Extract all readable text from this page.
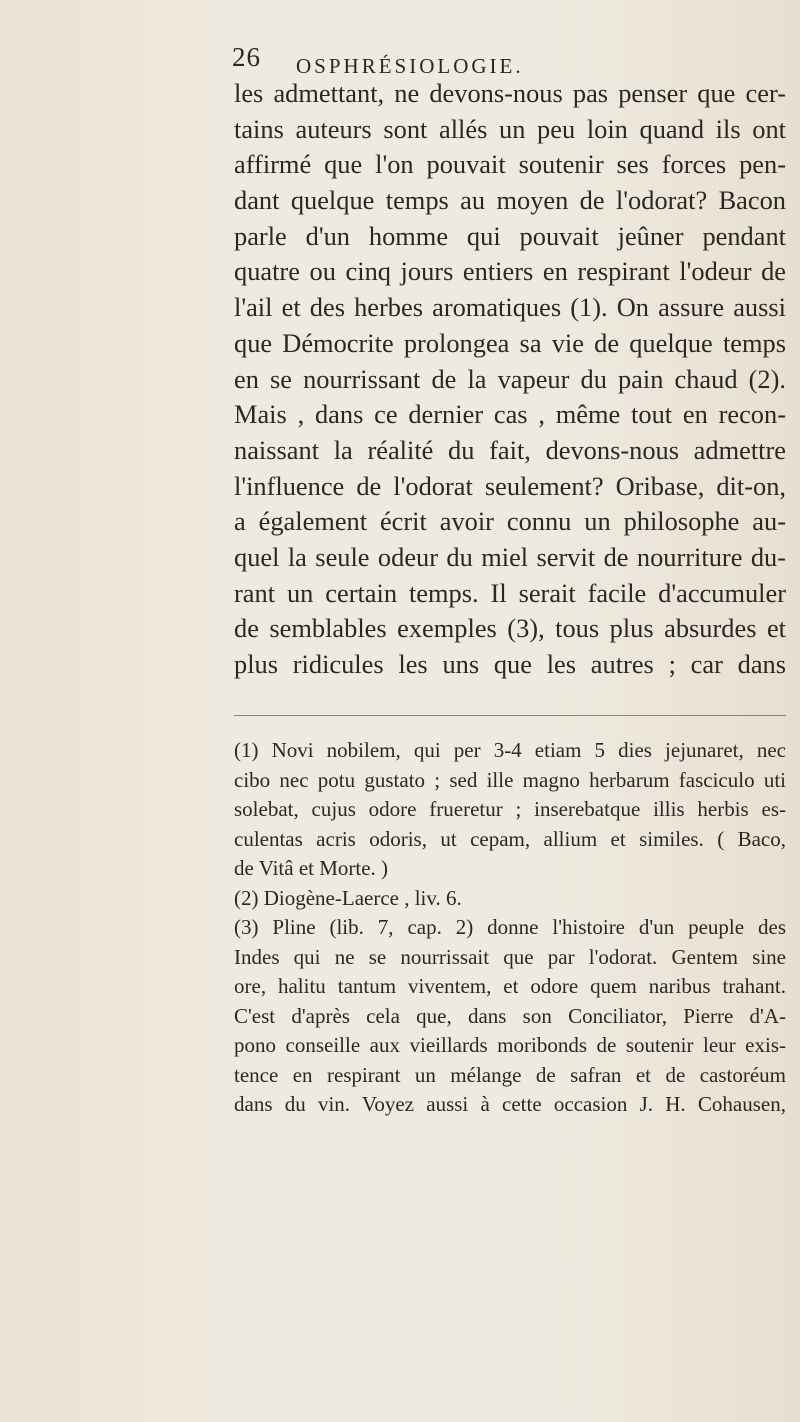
26 OSPHRÉSIOLOGIE.
les admettant, ne devons-nous pas penser que cer-
tains auteurs sont allés un peu loin quand ils ont
affirmé que l'on pouvait soutenir ses forces pen-
dant quelque temps au moyen de l'odorat? Bacon
parle d'un homme qui pouvait jeûner pendant
quatre ou cinq jours entiers en respirant l'odeur de
l'ail et des herbes aromatiques (1). On assure aussi
que Démocrite prolongea sa vie de quelque temps
en se nourrissant de la vapeur du pain chaud (2).
Mais , dans ce dernier cas , même tout en recon-
naissant la réalité du fait, devons-nous admettre
l'influence de l'odorat seulement? Oribase, dit-on,
a également écrit avoir connu un philosophe au-
quel la seule odeur du miel servit de nourriture du-
rant un certain temps. Il serait facile d'accumuler
de semblables exemples (3), tous plus absurdes et
plus ridicules les uns que les autres ; car dans
(1) Novi nobilem, qui per 3-4 etiam 5 dies jejunaret, nec
cibo nec potu gustato ; sed ille magno herbarum fasciculo uti
solebat, cujus odore frueretur ; inserebatque illis herbis es-
culentas acris odoris, ut cepam, allium et similes. ( Baco,
de Vitâ et Morte. )
(2) Diogène-Laerce , liv. 6.
(3) Pline (lib. 7, cap. 2) donne l'histoire d'un peuple des
Indes qui ne se nourrissait que par l'odorat. Gentem sine
ore, halitu tantum viventem, et odore quem naribus trahant.
C'est d'après cela que, dans son Conciliator, Pierre d'A-
pono conseille aux vieillards moribonds de soutenir leur exis-
tence en respirant un mélange de safran et de castoréum
dans du vin. Voyez aussi à cette occasion J. H. Cohausen,
